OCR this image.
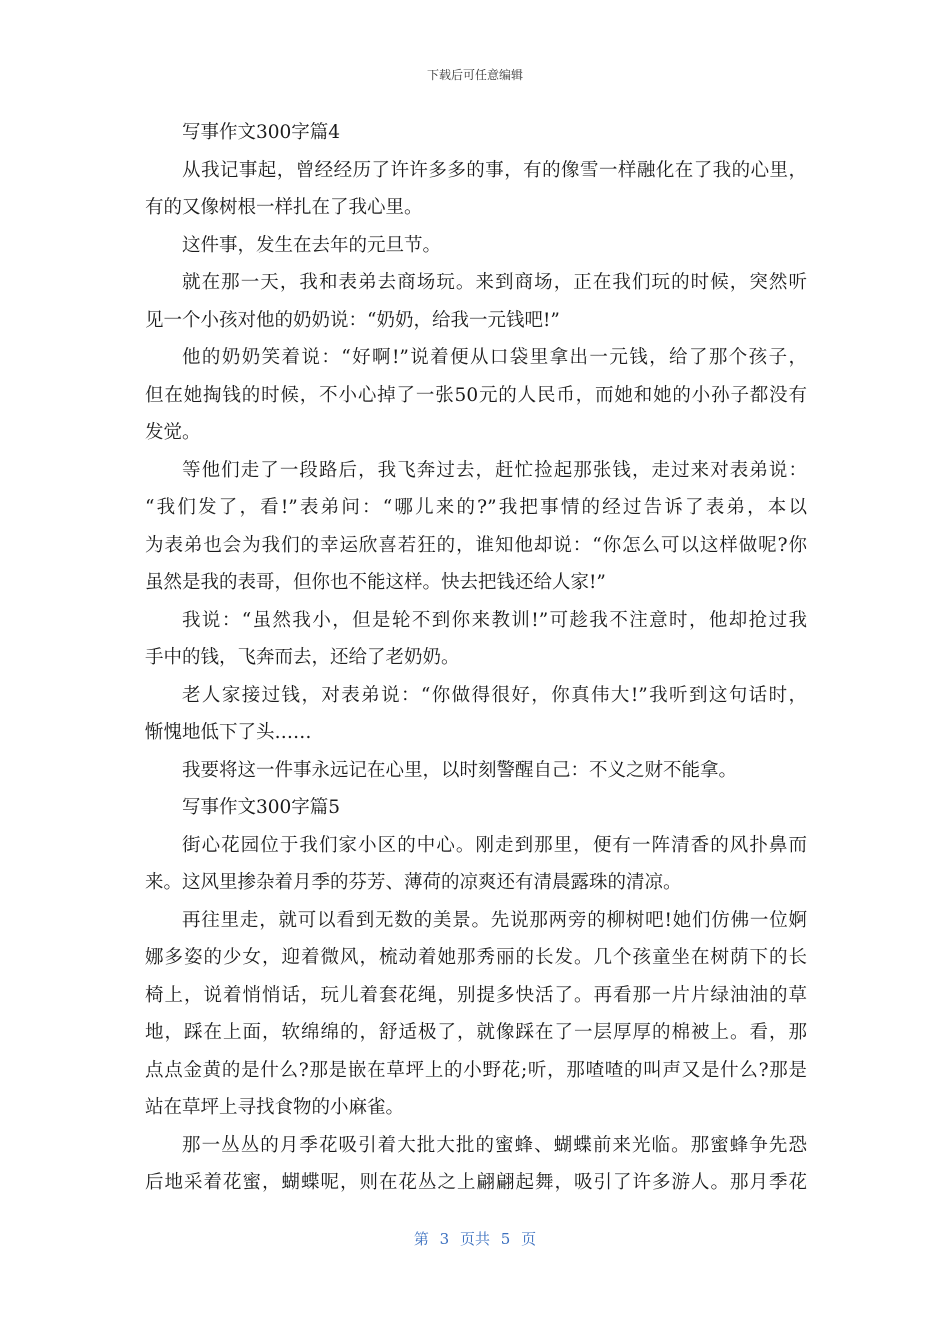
下载后可任意编辑
写事作文300字篇4
从我记事起，曾经经历了许许多多的事，有的像雪一样融化在了我的心里，
有的又像树根一样扎在了我心里。
这件事，发生在去年的元旦节。
就在那一天，我和表弟去商场玩。来到商场，正在我们玩的时候，突然听
见一个小孩对他的奶奶说：“奶奶，给我一元钱吧!”
他的奶奶笑着说：“好啊!”说着便从口袋里拿出一元钱，给了那个孩子，
但在她掏钱的时候，不小心掉了一张50元的人民币，而她和她的小孙子都没有
发觉。
等他们走了一段路后，我飞奔过去，赶忙捡起那张钱，走过来对表弟说：
“我们发了，看!”表弟问：“哪儿来的?”我把事情的经过告诉了表弟，本以
为表弟也会为我们的幸运欣喜若狂的，谁知他却说：“你怎么可以这样做呢?你
虽然是我的表哥，但你也不能这样。快去把钱还给人家!”
我说：“虽然我小，但是轮不到你来教训!”可趁我不注意时，他却抢过我
手中的钱，飞奔而去，还给了老奶奶。
老人家接过钱，对表弟说：“你做得很好，你真伟大!”我听到这句话时，
惭愧地低下了头……
我要将这一件事永远记在心里，以时刻警醒自己：不义之财不能拿。
写事作文300字篇5
街心花园位于我们家小区的中心。刚走到那里，便有一阵清香的风扑鼻而
来。这风里掺杂着月季的芬芳、薄荷的凉爽还有清晨露珠的清凉。
再往里走，就可以看到无数的美景。先说那两旁的柳树吧!她们仿佛一位婀
娜多姿的少女，迎着微风，梳动着她那秀丽的长发。几个孩童坐在树荫下的长
椅上，说着悄悄话，玩儿着套花绳，别提多快活了。再看那一片片绿油油的草
地，踩在上面，软绵绵的，舒适极了，就像踩在了一层厚厚的棉被上。看，那
点点金黄的是什么?那是嵌在草坪上的小野花;听，那喳喳的叫声又是什么?那是
站在草坪上寻找食物的小麻雀。
那一丛丛的月季花吸引着大批大批的蜜蜂、蝴蝶前来光临。那蜜蜂争先恐
后地采着花蜜，蝴蝶呢，则在花丛之上翩翩起舞，吸引了许多游人。那月季花
第 3 页共 5 页
